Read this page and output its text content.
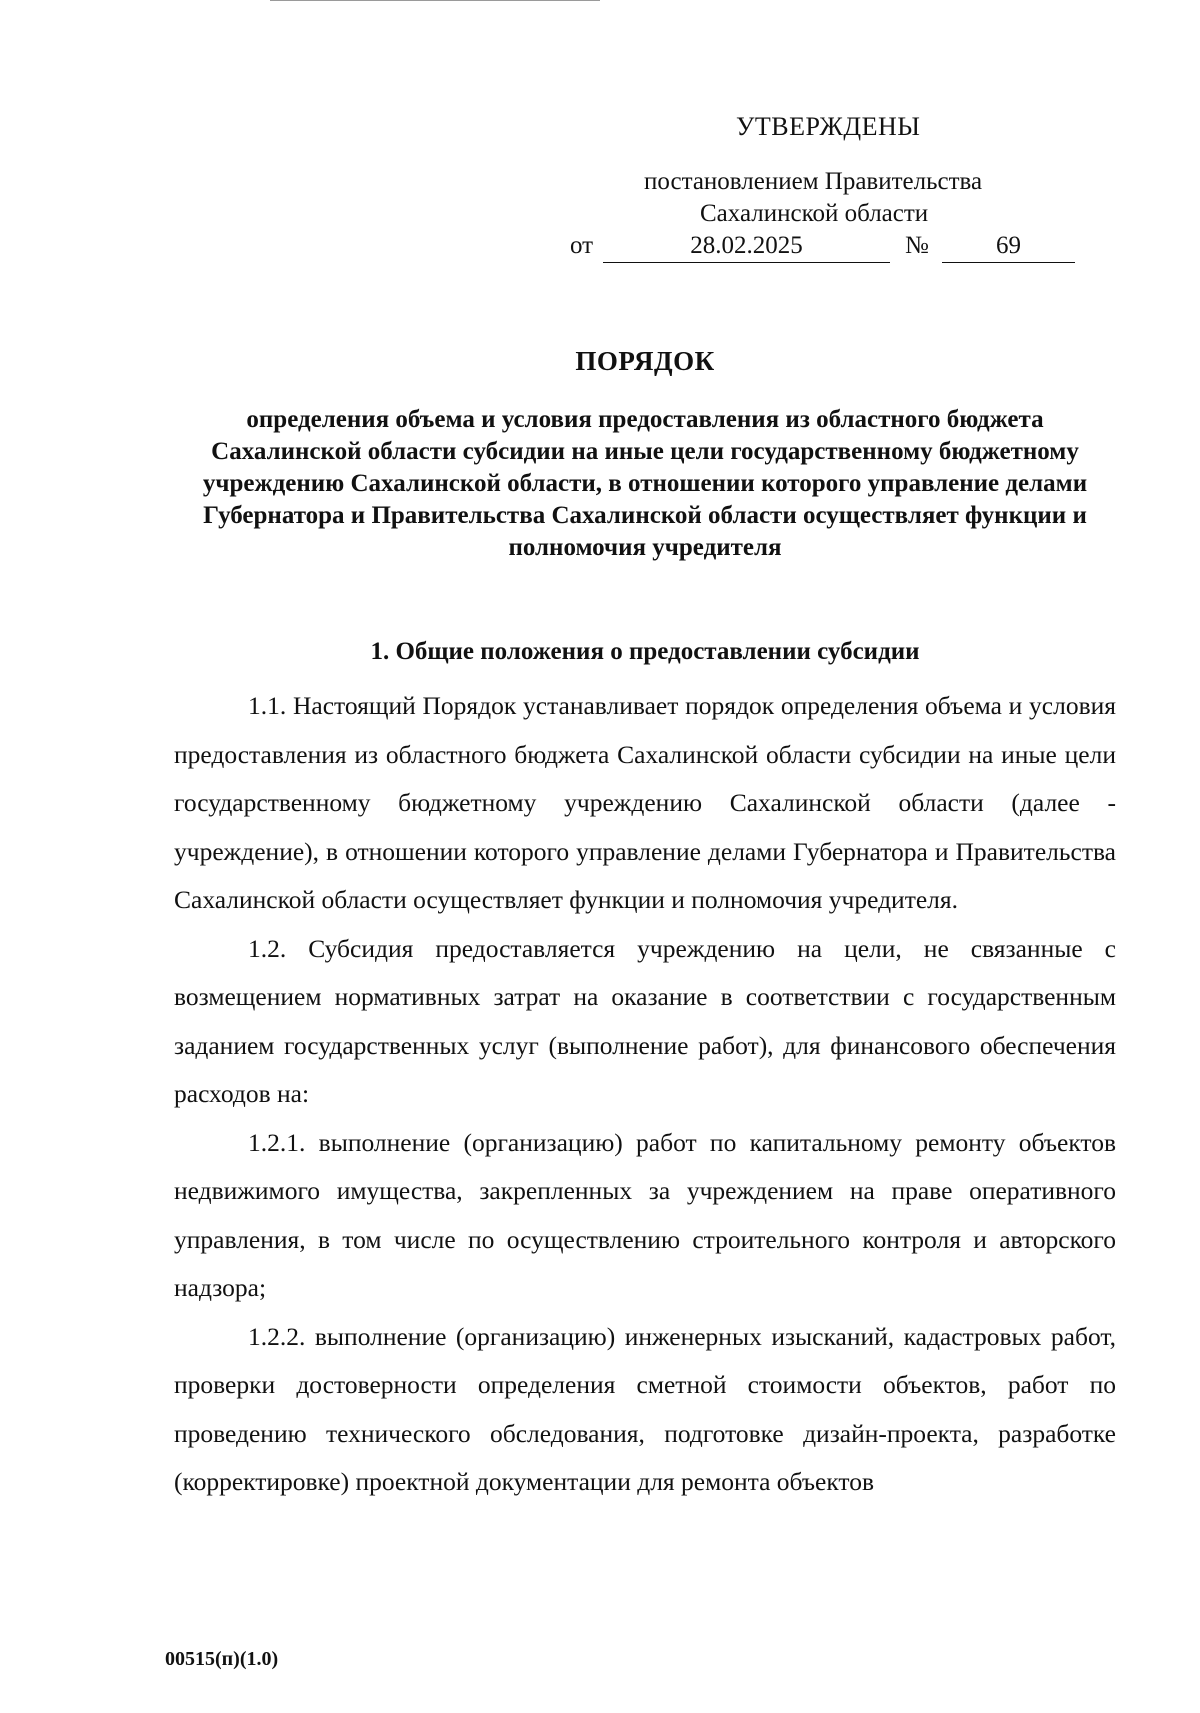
УТВЕРЖДЕНЫ
постановлением Правительства
Сахалинской области
от	28.02.2025	№	69
ПОРЯДОК
определения объема и условия предоставления из областного бюджета Сахалинской области субсидии на иные цели государственному бюджетному учреждению Сахалинской области, в отношении которого управление делами Губернатора и Правительства Сахалинской области осуществляет функции и полномочия учредителя
1. Общие положения о предоставлении субсидии

1.1. Настоящий Порядок устанавливает порядок определения объема и условия предоставления из областного бюджета Сахалинской области субсидии на иные цели государственному бюджетному учреждению Сахалинской области (далее - учреждение), в отношении которого управление делами Губернатора и Правительства Сахалинской области осуществляет функции и полномочия учредителя.

1.2. Субсидия предоставляется учреждению на цели, не связанные с возмещением нормативных затрат на оказание в соответствии с государственным заданием государственных услуг (выполнение работ), для финансового обеспечения расходов на:

1.2.1. выполнение (организацию) работ по капитальному ремонту объектов недвижимого имущества, закрепленных за учреждением на праве оперативного управления, в том числе по осуществлению строительного контроля и авторского надзора;

1.2.2. выполнение (организацию) инженерных изысканий, кадастровых работ, проверки достоверности определения сметной стоимости объектов, работ по проведению технического обследования, подготовке дизайн-проекта, разработке (корректировке) проектной документации для ремонта объектов

00515(п)(1.0)
